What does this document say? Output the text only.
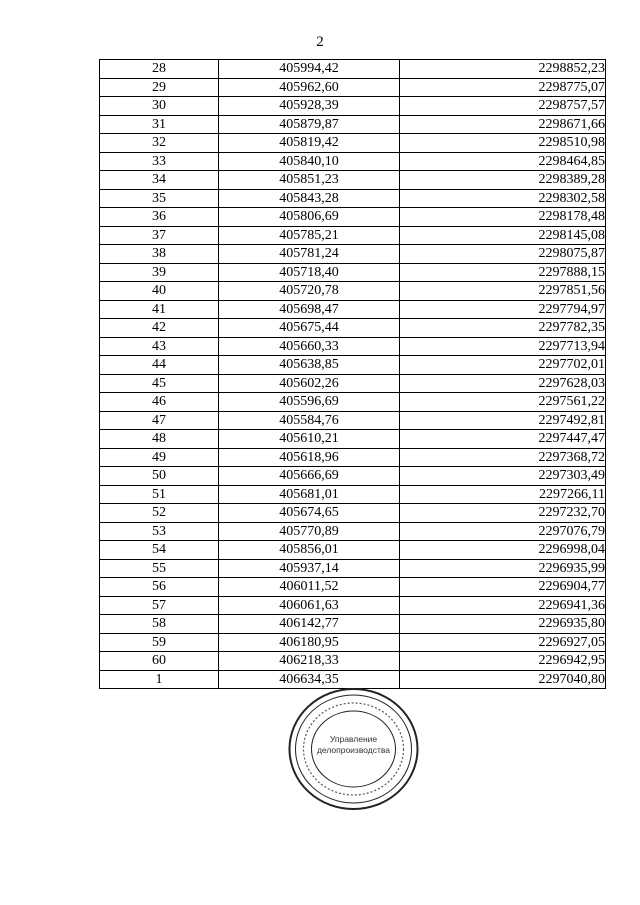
2
28	405994,42	2298852,23
29	405962,60	2298775,07
30	405928,39	2298757,57
31	405879,87	2298671,66
32	405819,42	2298510,98
33	405840,10	2298464,85
34	405851,23	2298389,28
35	405843,28	2298302,58
36	405806,69	2298178,48
37	405785,21	2298145,08
38	405781,24	2298075,87
39	405718,40	2297888,15
40	405720,78	2297851,56
41	405698,47	2297794,97
42	405675,44	2297782,35
43	405660,33	2297713,94
44	405638,85	2297702,01
45	405602,26	2297628,03
46	405596,69	2297561,22
47	405584,76	2297492,81
48	405610,21	2297447,47
49	405618,96	2297368,72
50	405666,69	2297303,49
51	405681,01	2297266,11
52	405674,65	2297232,70
53	405770,89	2297076,79
54	405856,01	2296998,04
55	405937,14	2296935,99
56	406011,52	2296904,77
57	406061,63	2296941,36
58	406142,77	2296935,80
59	406180,95	2296927,05
60	406218,33	2296942,95
1	406634,35	2297040,80
Управление
делопроизводства
